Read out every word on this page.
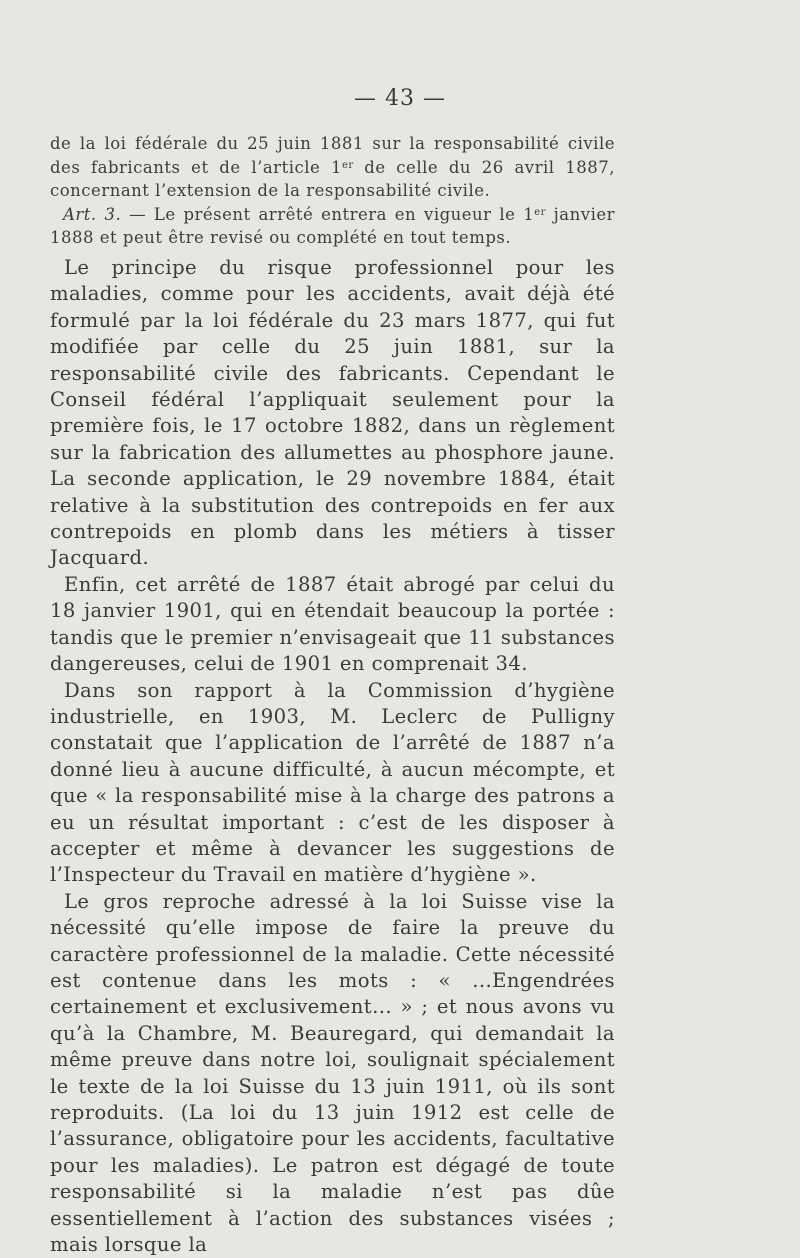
— 43 —

de la loi fédérale du 25 juin 1881 sur la responsabilité civile des fabricants et de l’article 1er de celle du 26 avril 1887, concernant l’extension de la responsabilité civile.

Art. 3. — Le présent arrêté entrera en vigueur le 1er janvier 1888 et peut être revisé ou complété en tout temps.

Le principe du risque professionnel pour les maladies, comme pour les accidents, avait déjà été formulé par la loi fédérale du 23 mars 1877, qui fut modifiée par celle du 25 juin 1881, sur la responsabilité civile des fabricants. Cependant le Conseil fédéral l’appliquait seulement pour la première fois, le 17 octobre 1882, dans un règlement sur la fabrication des allumettes au phosphore jaune. La seconde application, le 29 novembre 1884, était relative à la substitution des contrepoids en fer aux contrepoids en plomb dans les métiers à tisser Jacquard.

Enfin, cet arrêté de 1887 était abrogé par celui du 18 janvier 1901, qui en étendait beaucoup la portée : tandis que le premier n’envisageait que 11 substances dangereuses, celui de 1901 en comprenait 34.

Dans son rapport à la Commission d’hygiène industrielle, en 1903, M. Leclerc de Pulligny constatait que l’application de l’arrêté de 1887 n’a donné lieu à aucune difficulté, à aucun mécompte, et que « la responsabilité mise à la charge des patrons a eu un résultat important : c’est de les disposer à accepter et même à devancer les suggestions de l’Inspecteur du Travail en matière d’hygiène ».

Le gros reproche adressé à la loi Suisse vise la nécessité qu’elle impose de faire la preuve du caractère professionnel de la maladie. Cette nécessité est contenue dans les mots : « ...Engendrées certainement et exclusivement... » ; et nous avons vu qu’à la Chambre, M. Beauregard, qui demandait la même preuve dans notre loi, soulignait spécialement le texte de la loi Suisse du 13 juin 1911, où ils sont reproduits. (La loi du 13 juin 1912 est celle de l’assurance, obligatoire pour les accidents, facultative pour les maladies). Le patron est dégagé de toute responsabilité si la maladie n’est pas dûe essentiellement à l’action des substances visées ; mais lorsque la
